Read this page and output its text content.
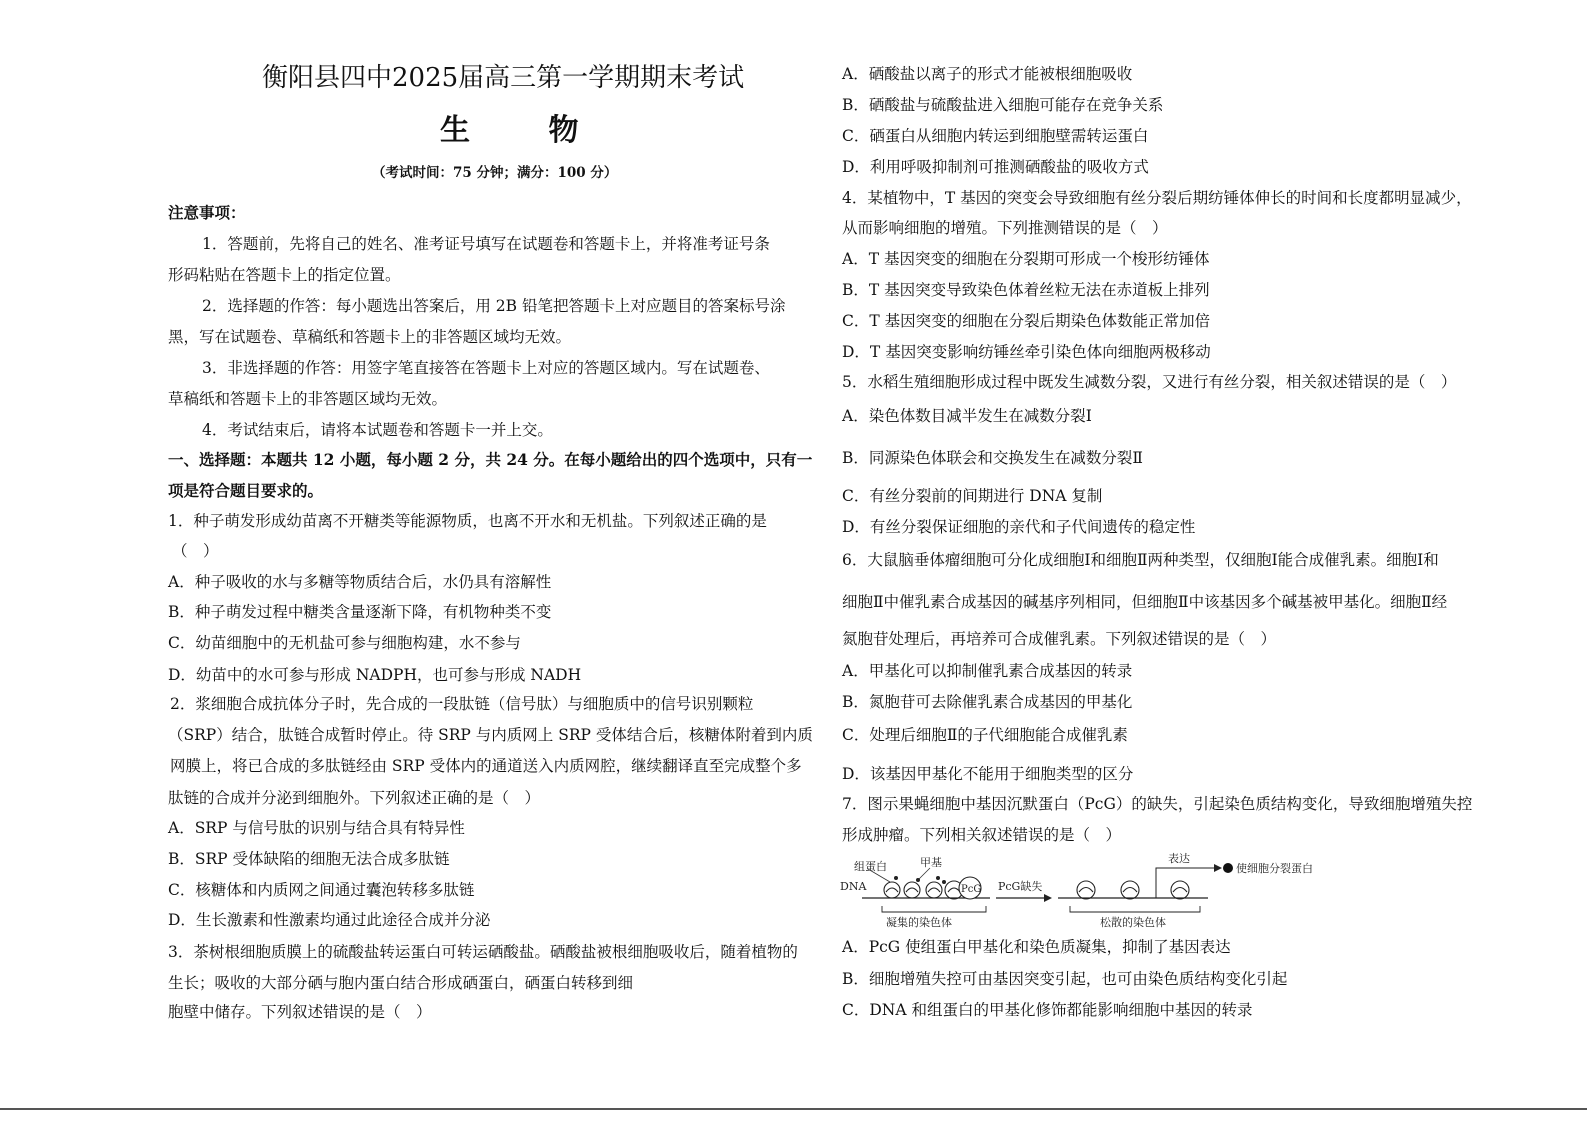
衡阳县四中2025届高三第一学期期末考试
生 物
（考试时间：75 分钟；满分：100 分）
注意事项：
1．答题前，先将自己的姓名、准考证号填写在试题卷和答题卡上，并将准考证号条
形码粘贴在答题卡上的指定位置。
2．选择题的作答：每小题选出答案后，用 2B 铅笔把答题卡上对应题目的答案标号涂
黑，写在试题卷、草稿纸和答题卡上的非答题区域均无效。
3．非选择题的作答：用签字笔直接答在答题卡上对应的答题区域内。写在试题卷、
草稿纸和答题卡上的非答题区域均无效。
4．考试结束后，请将本试题卷和答题卡一并上交。
一、选择题：本题共 12 小题，每小题 2 分，共 24 分。在每小题给出的四个选项中，只有一
项是符合题目要求的。
1．种子萌发形成幼苗离不开糖类等能源物质，也离不开水和无机盐。下列叙述正确的是
（　）
A．种子吸收的水与多糖等物质结合后，水仍具有溶解性
B．种子萌发过程中糖类含量逐渐下降，有机物种类不变
C．幼苗细胞中的无机盐可参与细胞构建，水不参与
D．幼苗中的水可参与形成 NADPH，也可参与形成 NADH
2．浆细胞合成抗体分子时，先合成的一段肽链（信号肽）与细胞质中的信号识别颗粒
（SRP）结合，肽链合成暂时停止。待 SRP 与内质网上 SRP 受体结合后，核糖体附着到内质
网膜上，将已合成的多肽链经由 SRP 受体内的通道送入内质网腔，继续翻译直至完成整个多
肽链的合成并分泌到细胞外。下列叙述正确的是（　）
A．SRP 与信号肽的识别与结合具有特异性
B．SRP 受体缺陷的细胞无法合成多肽链
C．核糖体和内质网之间通过囊泡转移多肽链
D．生长激素和性激素均通过此途径合成并分泌
3．茶树根细胞质膜上的硫酸盐转运蛋白可转运硒酸盐。硒酸盐被根细胞吸收后，随着植物的
生长；吸收的大部分硒与胞内蛋白结合形成硒蛋白，硒蛋白转移到细
胞壁中储存。下列叙述错误的是（　）
A．硒酸盐以离子的形式才能被根细胞吸收
B．硒酸盐与硫酸盐进入细胞可能存在竞争关系
C．硒蛋白从细胞内转运到细胞壁需转运蛋白
D．利用呼吸抑制剂可推测硒酸盐的吸收方式
4．某植物中，T 基因的突变会导致细胞有丝分裂后期纺锤体伸长的时间和长度都明显减少，
从而影响细胞的增殖。下列推测错误的是（　）
A．T 基因突变的细胞在分裂期可形成一个梭形纺锤体
B．T 基因突变导致染色体着丝粒无法在赤道板上排列
C．T 基因突变的细胞在分裂后期染色体数能正常加倍
D．T 基因突变影响纺锤丝牵引染色体向细胞两极移动
5．水稻生殖细胞形成过程中既发生减数分裂，又进行有丝分裂，相关叙述错误的是（　）
A．染色体数目减半发生在减数分裂Ⅰ
B．同源染色体联会和交换发生在减数分裂Ⅱ
C．有丝分裂前的间期进行 DNA 复制
D．有丝分裂保证细胞的亲代和子代间遗传的稳定性
6．大鼠脑垂体瘤细胞可分化成细胞Ⅰ和细胞Ⅱ两种类型，仅细胞Ⅰ能合成催乳素。细胞Ⅰ和
细胞Ⅱ中催乳素合成基因的碱基序列相同，但细胞Ⅱ中该基因多个碱基被甲基化。细胞Ⅱ经
氮胞苷处理后，再培养可合成催乳素。下列叙述错误的是（　）
A．甲基化可以抑制催乳素合成基因的转录
B．氮胞苷可去除催乳素合成基因的甲基化
C．处理后细胞Ⅱ的子代细胞能合成催乳素
D．该基因甲基化不能用于细胞类型的区分
7．图示果蝇细胞中基因沉默蛋白（PcG）的缺失，引起染色质结构变化，导致细胞增殖失控
形成肿瘤。下列相关叙述错误的是（　）
组蛋白	甲基
DNA	PcG
凝集的染色体
PcG缺失
表达
使细胞分裂蛋白
松散的染色体
A．PcG 使组蛋白甲基化和染色质凝集，抑制了基因表达
B．细胞增殖失控可由基因突变引起，也可由染色质结构变化引起
C．DNA 和组蛋白的甲基化修饰都能影响细胞中基因的转录
